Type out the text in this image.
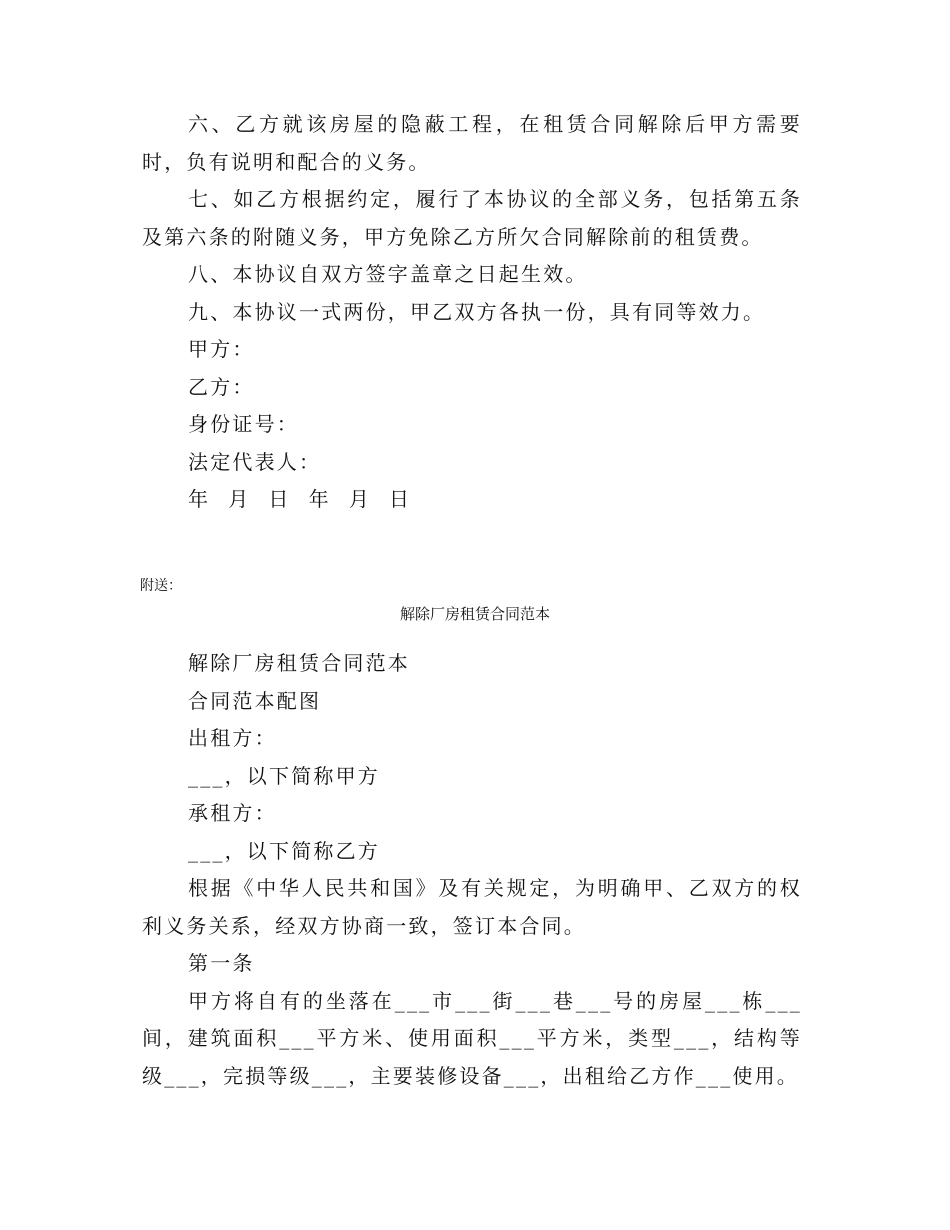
六、乙方就该房屋的隐蔽工程，在租赁合同解除后甲方需要时，负有说明和配合的义务。

七、如乙方根据约定，履行了本协议的全部义务，包括第五条及第六条的附随义务，甲方免除乙方所欠合同解除前的租赁费。

八、本协议自双方签字盖章之日起生效。

九、本协议一式两份，甲乙双方各执一份，具有同等效力。

甲方：

乙方：

身份证号：

法定代表人：

年 月 日 年 月 日

附送：
解除厂房租赁合同范本

解除厂房租赁合同范本

合同范本配图

出租方：

___，以下简称甲方

承租方：

___，以下简称乙方

根据《中华人民共和国》及有关规定，为明确甲、乙双方的权利义务关系，经双方协商一致，签订本合同。

第一条

甲方将自有的坐落在___市___街___巷___号的房屋___栋___间，建筑面积___平方米、使用面积___平方米，类型___，结构等级___，完损等级___，主要装修设备___，出租给乙方作___使用。
